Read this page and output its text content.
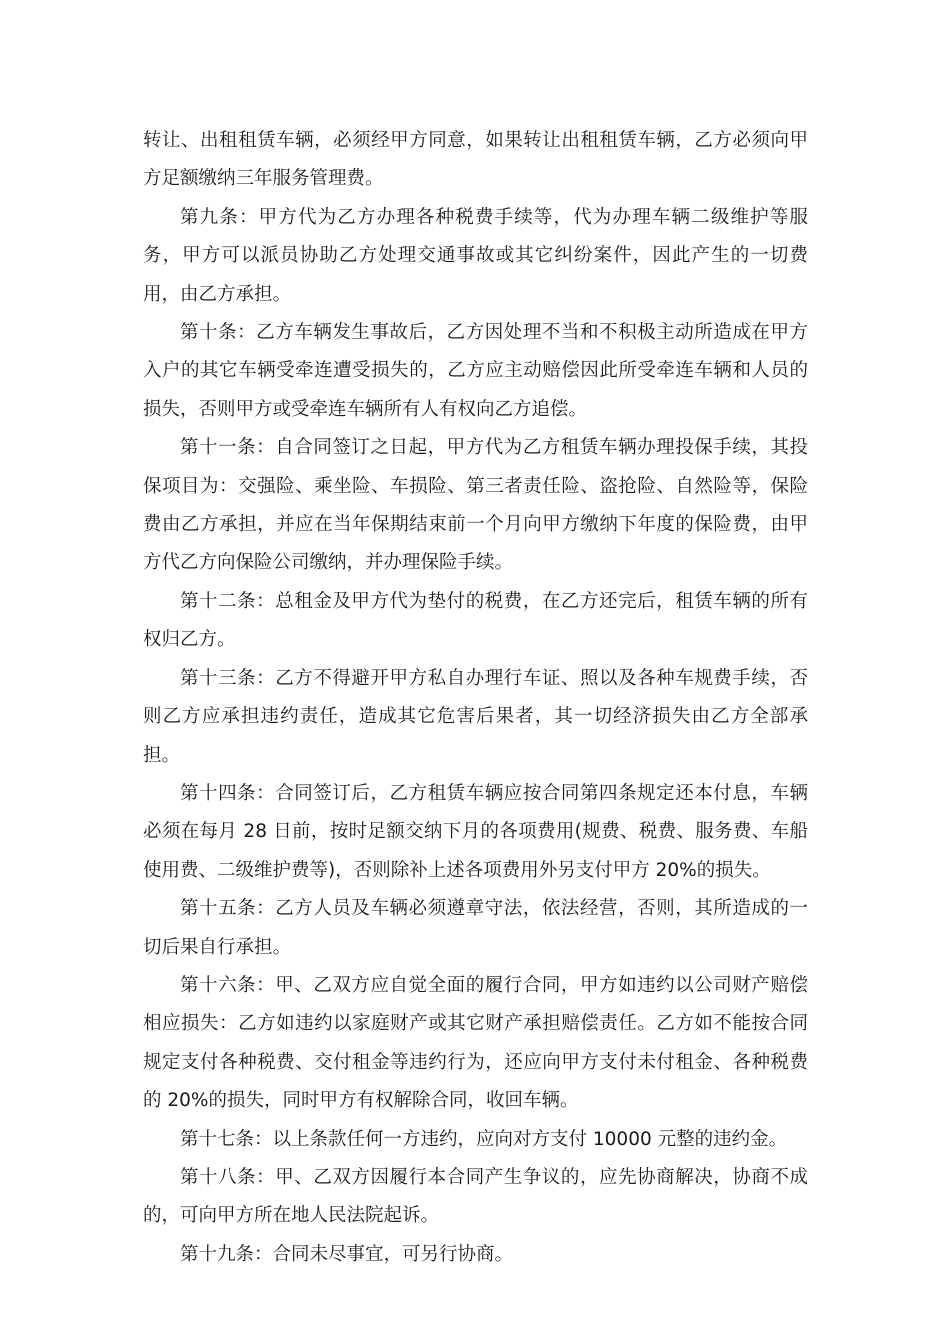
转让、出租租赁车辆，必须经甲方同意，如果转让出租租赁车辆，乙方必须向甲方足额缴纳三年服务管理费。

第九条：甲方代为乙方办理各种税费手续等，代为办理车辆二级维护等服务，甲方可以派员协助乙方处理交通事故或其它纠纷案件，因此产生的一切费用，由乙方承担。

第十条：乙方车辆发生事故后，乙方因处理不当和不积极主动所造成在甲方入户的其它车辆受牵连遭受损失的，乙方应主动赔偿因此所受牵连车辆和人员的损失，否则甲方或受牵连车辆所有人有权向乙方追偿。

第十一条：自合同签订之日起，甲方代为乙方租赁车辆办理投保手续，其投保项目为：交强险、乘坐险、车损险、第三者责任险、盗抢险、自然险等，保险费由乙方承担，并应在当年保期结束前一个月向甲方缴纳下年度的保险费，由甲方代乙方向保险公司缴纳，并办理保险手续。

第十二条：总租金及甲方代为垫付的税费，在乙方还完后，租赁车辆的所有权归乙方。

第十三条：乙方不得避开甲方私自办理行车证、照以及各种车规费手续，否则乙方应承担违约责任，造成其它危害后果者，其一切经济损失由乙方全部承担。

第十四条：合同签订后，乙方租赁车辆应按合同第四条规定还本付息，车辆必须在每月 28 日前，按时足额交纳下月的各项费用(规费、税费、服务费、车船使用费、二级维护费等)，否则除补上述各项费用外另支付甲方 20%的损失。

第十五条：乙方人员及车辆必须遵章守法，依法经营，否则，其所造成的一切后果自行承担。

第十六条：甲、乙双方应自觉全面的履行合同，甲方如违约以公司财产赔偿相应损失：乙方如违约以家庭财产或其它财产承担赔偿责任。乙方如不能按合同规定支付各种税费、交付租金等违约行为，还应向甲方支付未付租金、各种税费的 20%的损失，同时甲方有权解除合同，收回车辆。

第十七条：以上条款任何一方违约，应向对方支付 10000 元整的违约金。

第十八条：甲、乙双方因履行本合同产生争议的，应先协商解决，协商不成的，可向甲方所在地人民法院起诉。

第十九条：合同未尽事宜，可另行协商。
